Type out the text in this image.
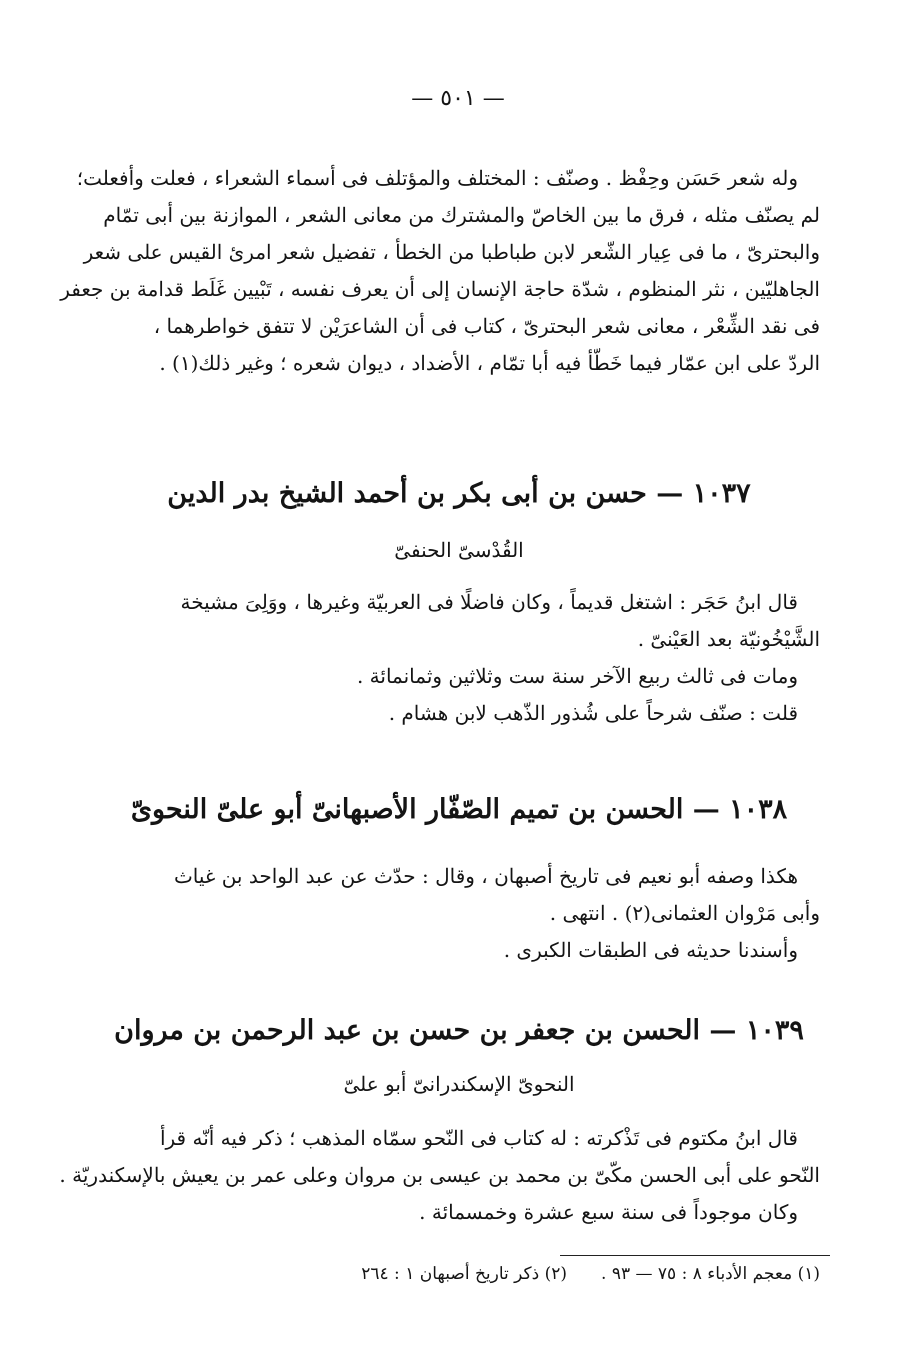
— ٥٠١ —
وله شعر حَسَن وحِفْظ . وصنّف : المختلف والمؤتلف فى أسماء الشعراء ، فعلت وأفعلت؛
لم يصنّف مثله ، فرق ما بين الخاصّ والمشترك من معانى الشعر ، الموازنة بين أبى تمّام
والبحترىّ ، ما فى عِيار الشّعر لابن طباطبا من الخطأ ، تفضيل شعر امرئ القيس على شعر
الجاهليّين ، نثر المنظوم ، شدّة حاجة الإنسان إلى أن يعرف نفسه ، تَبْيين غَلَط قدامة بن جعفر
فى نقد الشِّعْر ، معانى شعر البحترىّ ، كتاب فى أن الشاعرَيْن لا تتفق خواطرهما ،
الردّ على ابن عمّار فيما خَطّأ فيه أبا تمّام ، الأضداد ، ديوان شعره ؛ وغير ذلك(١) .
١٠٣٧ — حسن بن أبى بكر بن أحمد الشيخ بدر الدين
القُدْسىّ الحنفىّ
قال ابنُ حَجَر : اشتغل قديماً ، وكان فاضلًا فى العربيّة وغيرها ، ووَلِىَ مشيخة
الشَّيْخُونيّة بعد العَيْنىّ .
ومات فى ثالث ربيع الآخر سنة ست وثلاثين وثمانمائة .
قلت : صنّف شرحاً على شُذور الذّهب لابن هشام .
١٠٣٨ — الحسن بن تميم الصّفّار الأصبهانىّ أبو علىّ النحوىّ
هكذا وصفه أبو نعيم فى تاريخ أصبهان ، وقال : حدّث عن عبد الواحد بن غياث
وأبى مَرْوان العثمانى(٢) . انتهى .
وأسندنا حديثه فى الطبقات الكبرى .
١٠٣٩ — الحسن بن جعفر بن حسن بن عبد الرحمن بن مروان
النحوىّ الإسكندرانىّ أبو علىّ
قال ابنُ مكتوم فى تَذْكرته : له كتاب فى النّحو سمّاه المذهب ؛ ذكر فيه أنّه قرأ
النّحو على أبى الحسن مكّىّ بن محمد بن عيسى بن مروان وعلى عمر بن يعيش بالإسكندريّة .
وكان موجوداً فى سنة سبع عشرة وخمسمائة .
(١) معجم الأدباء ٨ : ٧٥ — ٩٣ .
(٢) ذكر تاريخ أصبهان ١ : ٢٦٤
